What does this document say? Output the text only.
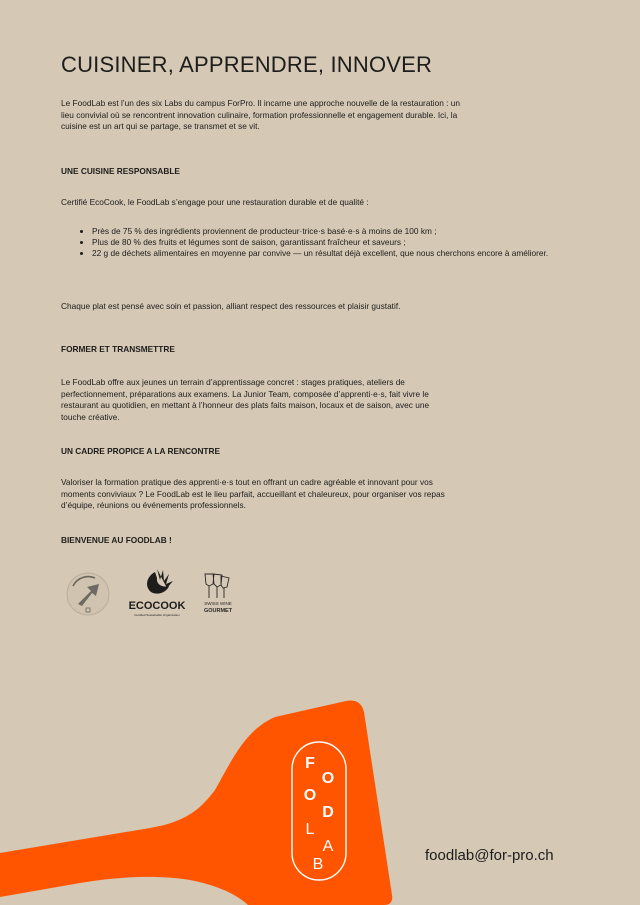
CUISINER, APPRENDRE, INNOVER

Le FoodLab est l’un des six Labs du campus ForPro. Il incarne une approche nouvelle de la restauration : un lieu convivial où se rencontrent innovation culinaire, formation professionnelle et engagement durable. Ici, la cuisine est un art qui se partage, se transmet et se vit.

UNE CUISINE RESPONSABLE

Certifié EcoCook, le FoodLab s’engage pour une restauration durable et de qualité :

• Près de 75 % des ingrédients proviennent de producteur·trice·s basé·e·s à moins de 100 km ;
• Plus de 80 % des fruits et légumes sont de saison, garantissant fraîcheur et saveurs ;
• 22 g de déchets alimentaires en moyenne par convive — un résultat déjà excellent, que nous cherchons encore à améliorer.

Chaque plat est pensé avec soin et passion, alliant respect des ressources et plaisir gustatif.

FORMER ET TRANSMETTRE

Le FoodLab offre aux jeunes un terrain d’apprentissage concret : stages pratiques, ateliers de perfectionnement, préparations aux examens. La Junior Team, composée d’apprenti·e·s, fait vivre le restaurant au quotidien, en mettant à l’honneur des plats faits maison, locaux et de saison, avec une touche créative.

UN CADRE PROPICE A LA RENCONTRE

Valoriser la formation pratique des apprenti·e·s tout en offrant un cadre agréable et innovant pour vos moments conviviaux ? Le FoodLab est le lieu parfait, accueillant et chaleureux, pour organiser vos repas d’équipe, réunions ou événements professionnels.

BIENVENUE AU FOODLAB !

ECOCOOK
Certified Sustainable Organization
SWISS WINE
GOURMET
F
O
O
D
L
A
B

foodlab@for-pro.ch
